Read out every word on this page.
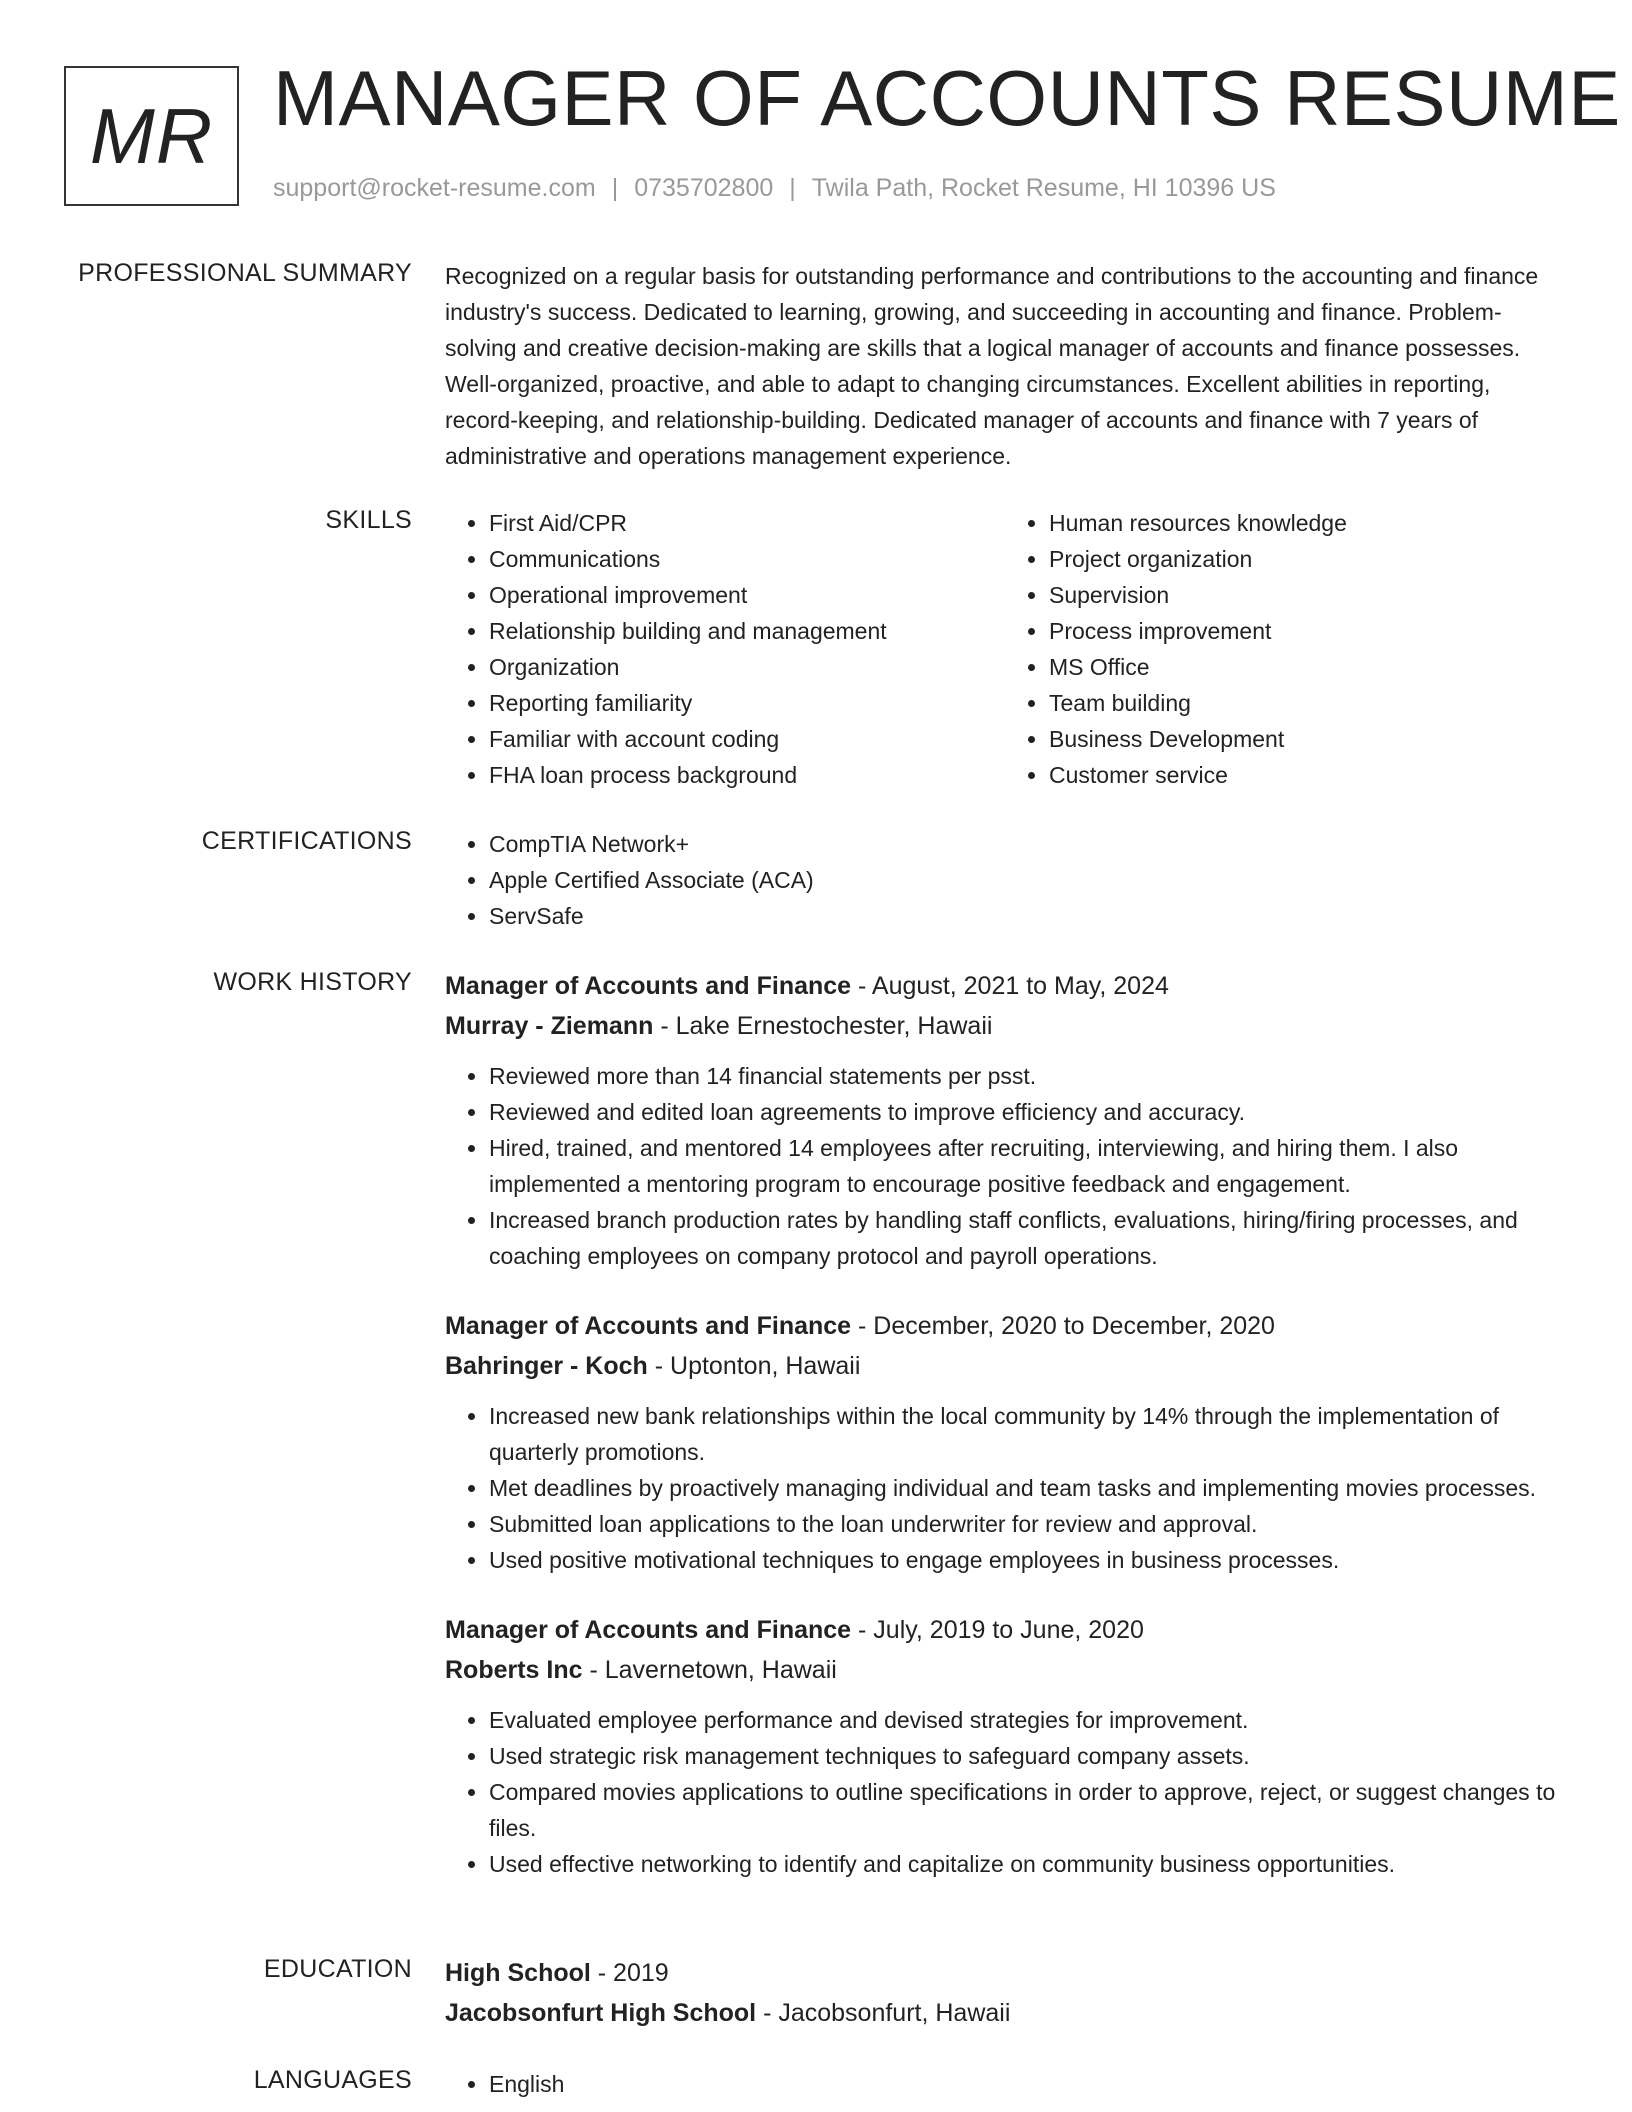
MR MANAGER OF ACCOUNTS RESUME
support@rocket-resume.com | 0735702800 | Twila Path, Rocket Resume, HI 10396 US
PROFESSIONAL SUMMARY Recognized on a regular basis for outstanding performance and contributions to the accounting and finance industry's success. Dedicated to learning, growing, and succeeding in accounting and finance. Problem-solving and creative decision-making are skills that a logical manager of accounts and finance possesses. Well-organized, proactive, and able to adapt to changing circumstances. Excellent abilities in reporting, record-keeping, and relationship-building. Dedicated manager of accounts and finance with 7 years of administrative and operations management experience.

SKILLS	• First Aid/CPR
• Communications
• Operational improvement
• Relationship building and management
• Organization
• Reporting familiarity
• Familiar with account coding
• FHA loan process background
• Human resources knowledge
• Project organization
• Supervision
• Process improvement
• MS Office
• Team building
• Business Development
• Customer service
CERTIFICATIONS	• CompTIA Network+
• Apple Certified Associate (ACA)
• ServSafe
WORK HISTORY Manager of Accounts and Finance - August, 2021 to May, 2024
Murray - Ziemann - Lake Ernestochester, Hawaii
• Reviewed more than 14 financial statements per psst.
• Reviewed and edited loan agreements to improve efficiency and accuracy.
• Hired, trained, and mentored 14 employees after recruiting, interviewing, and hiring them. I also implemented a mentoring program to encourage positive feedback and engagement.
• Increased branch production rates by handling staff conflicts, evaluations, hiring/firing processes, and coaching employees on company protocol and payroll operations.
Manager of Accounts and Finance - December, 2020 to December, 2020
Bahringer - Koch - Uptonton, Hawaii
• Increased new bank relationships within the local community by 14% through the implementation of quarterly promotions.
• Met deadlines by proactively managing individual and team tasks and implementing movies processes.
• Submitted loan applications to the loan underwriter for review and approval.
• Used positive motivational techniques to engage employees in business processes.
Manager of Accounts and Finance - July, 2019 to June, 2020
Roberts Inc - Lavernetown, Hawaii
• Evaluated employee performance and devised strategies for improvement.
• Used strategic risk management techniques to safeguard company assets.
• Compared movies applications to outline specifications in order to approve, reject, or suggest changes to files.
• Used effective networking to identify and capitalize on community business opportunities.
EDUCATION High School - 2019
Jacobsonfurt High School - Jacobsonfurt, Hawaii
LANGUAGES	• English
